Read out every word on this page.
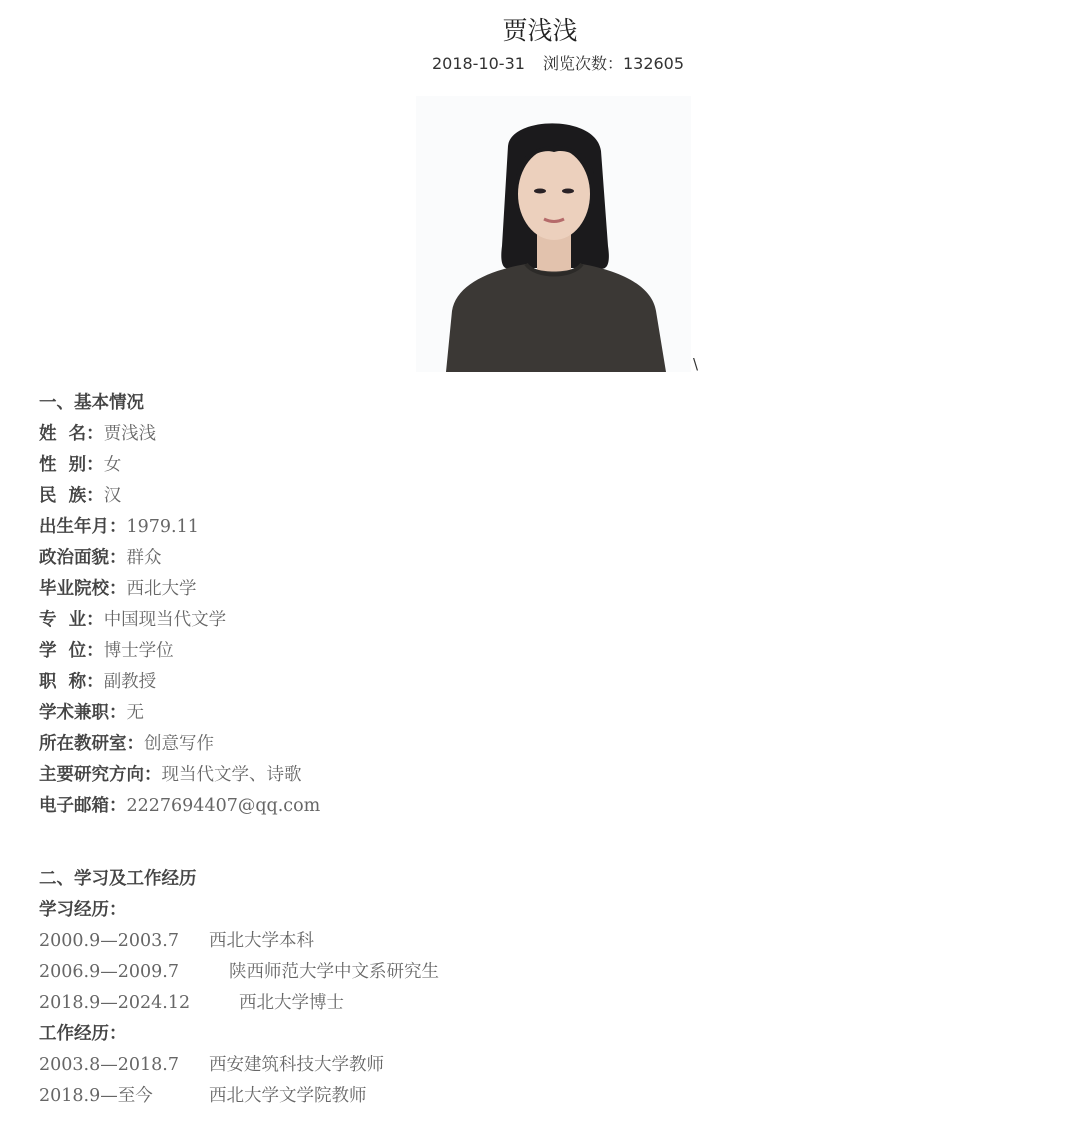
贾浅浅
2018-10-31 浏览次数：132605
\
一、基本情况
姓  名：贾浅浅
性  别：女
民  族：汉
出生年月：1979.11
政治面貌：群众
毕业院校：西北大学
专  业：中国现当代文学
学  位：博士学位
职  称：副教授
学术兼职：无
所在教研室：创意写作
主要研究方向：现当代文学、诗歌
电子邮箱：2227694407@qq.com
二、学习及工作经历
学习经历：
2000.9—2003.7 西北大学本科
2006.9—2009.7	陕西师范大学中文系研究生
2018.9—2024.12	西北大学博士
工作经历：
2003.8—2018.7 西安建筑科技大学教师
2018.9—至今	西北大学文学院教师
